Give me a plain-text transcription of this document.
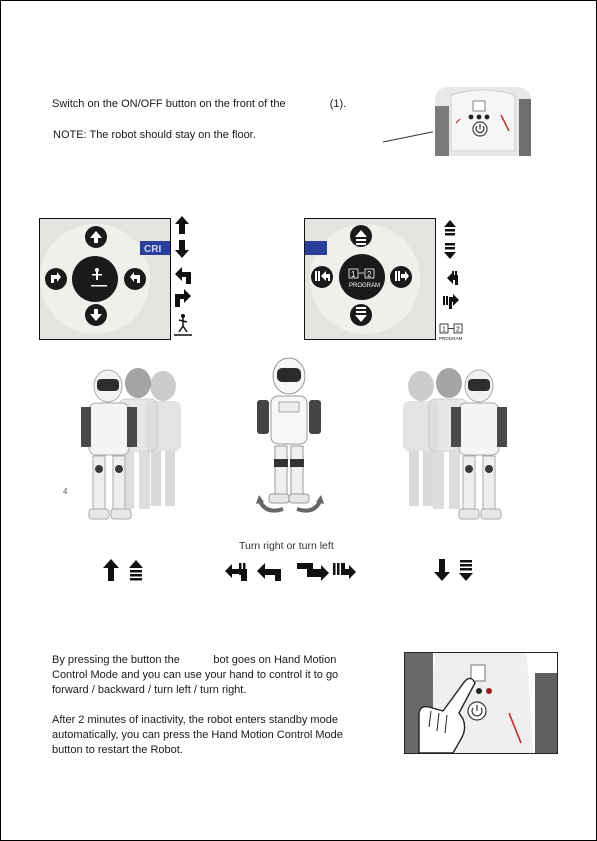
Switch on the ON/OFF button on the front of the	(1).
NOTE: The robot should stay on the floor.
CRI
1 2
PROGRAM
1 2
PROGRAM
4
Turn right or turn left
By pressing the button the           bot goes on Hand Motion
Control Mode and you can use your hand to control it to go
forward / backward / turn left / turn right.
After 2 minutes of inactivity, the robot enters standby mode
automatically, you can press the Hand Motion Control Mode
button to restart the Robot.
